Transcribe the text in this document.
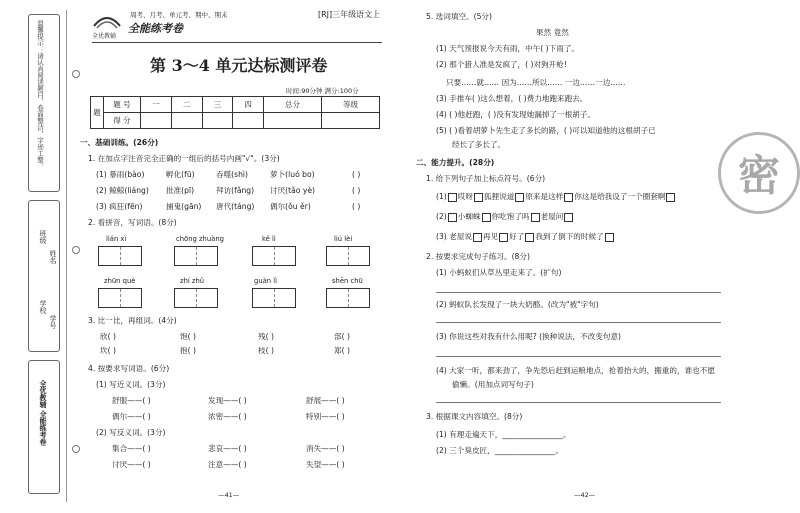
温馨提示：请认真阅读题目，卷面整洁，字迹工整。
学校
班级
姓名
学号
全优教辅 全能练考卷
全优教辅
周考、月考、单元考、期中、期末
全能练考卷
[RJ]三年级语文上
第 3～4 单元达标测评卷
时间:90分钟 满分:100分
题	题 号	一	二	三	四	总分	等级
	得 分						
一、基础训练。(26分)
1. 在加点字注音完全正确的一组后的括号内画"√"。(3分)
(1) 暴雨(bào)	孵化(fū)	吞噬(shì)	萝卜(luó bo)	( )
(2) 鲸鲸(liáng) 批准(pī)	拜访(fǎng) 讨厌(tǎo yè)	( )
(3) 疯狂(fēn)	捕鬼(gān) 唐代(táng) 偶尔(ǒu ěr)	( )
2. 看拼音，写词语。(8分)
lián xì	chōng zhuàng	kě lì	liú lèi
zhūn què	zhí zhǔ	guàn lì	shēn chū
3. 比一比，再组词。(4分)
欣( )	饱( )	残( )	部( )
坎( )	抱( )	枝( )	郑( )
4. 按要求写词语。(6分)
(1) 写近义词。(3分)
舒服——( )	发现——( )	舒展——( )
偶尔——( )	浓密——( )	特别——( )
(2) 写反义词。(3分)
集合——( )	悲哀——( )	消失——( )
讨厌——( )	注意——( )	失望——( )
—41—
5. 选词填空。(5分)
果然 竟然
(1) 天气预报说今天有雨，中午( )下雨了。
(2) 那个猎人准是发疯了，( )对狗开枪!
只要……就…… 因为……所以…… 一边……一边……
(3) 手推车( )这么想着，( )费力地跑来跑去。
(4) ( )他赶跑，( )没有发现她漏掉了一根胡子。
(5) ( )看着胡萝卜先生走了多长的路，( )可以知道他的这根胡子已
经长了多长了。
二、能力提升。(28分)
1. 给下列句子加上标点符号。(6分)
(1) 哎呀 狐狸说道 原来是这样 你这是给我设了一个圈套啊
(2) 小蜘蛛 你吃饱了吗 老屋问
(3) 老屋说 再见 好了 我到了倒下的时候了
2. 按要求完成句子练习。(8分)
(1) 小蚂蚁们从草丛里走来了。(扩句)
(2) 蚂蚁队长发现了一块大奶酪。(改为"被"字句)
(3) 你说这些对我有什么用呢? (换种说法，不改变句意)
(4) 大家一听，都来劲了，争先恐后赶到运粮地点，抢着抬大的，搬重的，谁也不愿
偷懒。(用加点词写句子)
3. 根据课文内容填空。(8分)
(1) 有理走遍天下，________________。
(2) 三个臭皮匠，________________。
密
—42—
